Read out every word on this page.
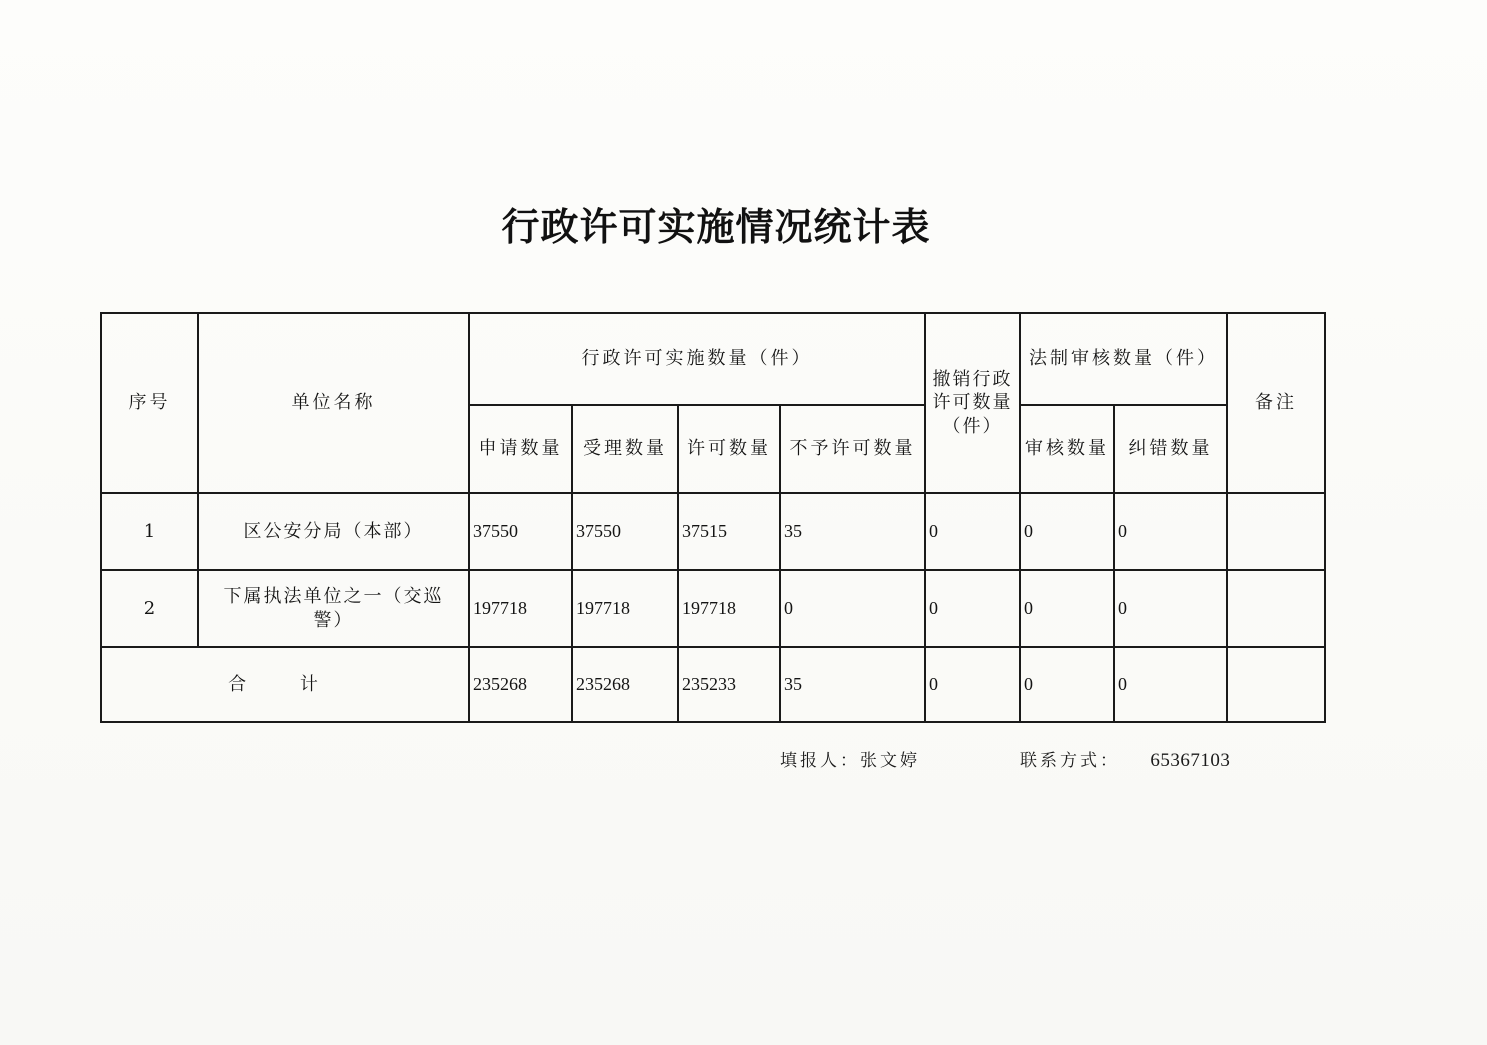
行政许可实施情况统计表
序号	单位名称	行政许可实施数量（件）				撤销行政许可数量（件）	法制审核数量（件）		备注
		申请数量	受理数量	许可数量	不予许可数量		审核数量	纠错数量	
1	区公安分局（本部）	37550	37550	37515	35	0	0	0	
2	下属执法单位之一（交巡警）	197718	197718	197718	0	0	0	0	
合 计		235268	235268	235233	35	0	0	0	
填报人：张文婷	联系方式： 65367103
